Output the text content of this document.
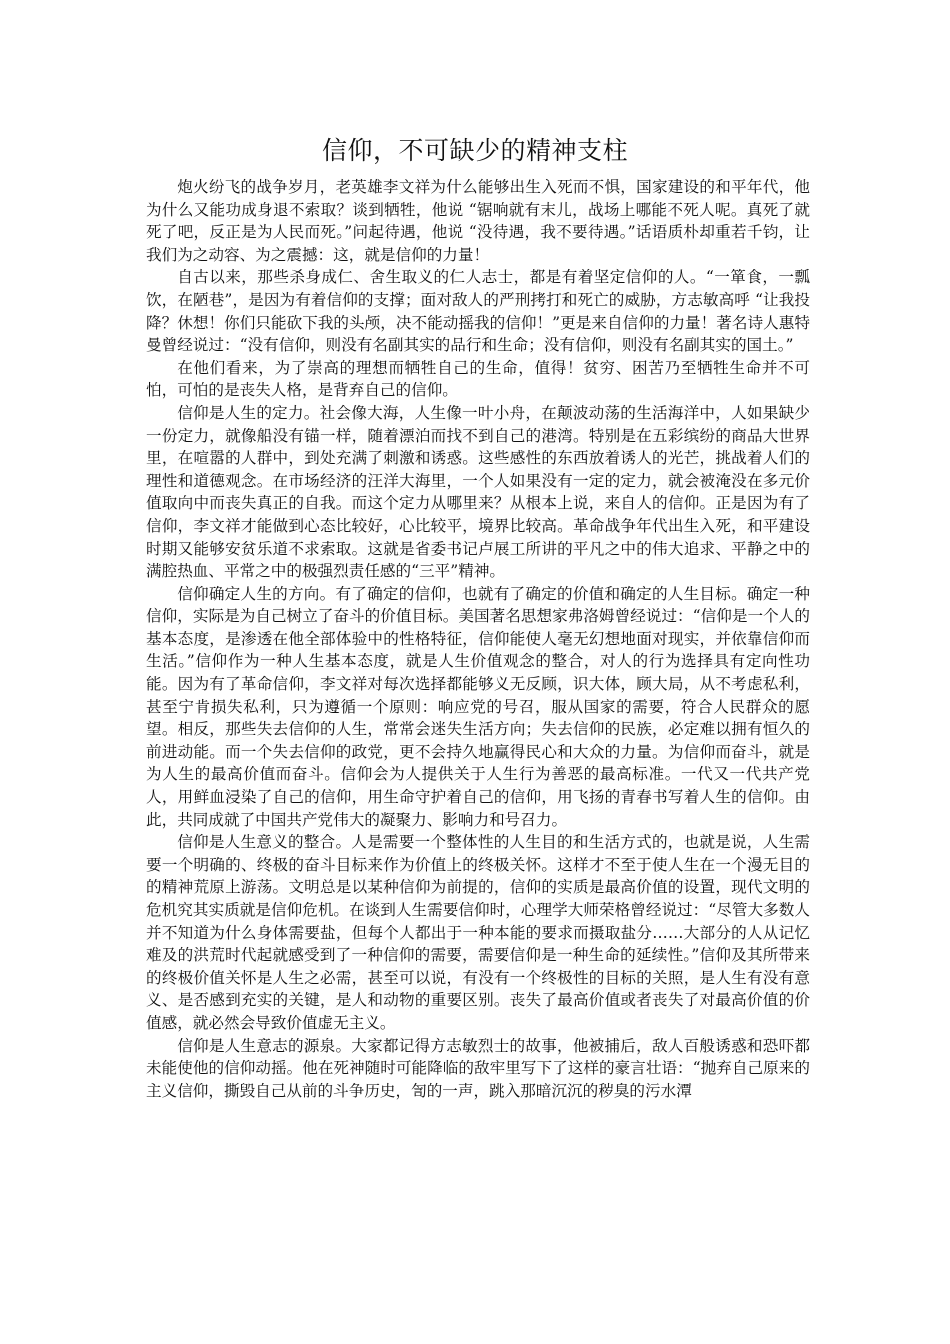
信仰，不可缺少的精神支柱

炮火纷飞的战争岁月，老英雄李文祥为什么能够出生入死而不惧，国家建设的和平年代，他为什么又能功成身退不索取？谈到牺牲，他说 “锯响就有末儿，战场上哪能不死人呢。真死了就死了吧，反正是为人民而死。”问起待遇，他说 “没待遇，我不要待遇。”话语质朴却重若千钧，让我们为之动容、为之震撼：这，就是信仰的力量！

自古以来，那些杀身成仁、舍生取义的仁人志士，都是有着坚定信仰的人。“一箪食，一瓢饮，在陋巷”，是因为有着信仰的支撑；面对敌人的严刑拷打和死亡的威胁，方志敏高呼 “让我投降？休想！你们只能砍下我的头颅，决不能动摇我的信仰！”更是来自信仰的力量！著名诗人惠特曼曾经说过：“没有信仰，则没有名副其实的品行和生命；没有信仰，则没有名副其实的国土。”

在他们看来，为了崇高的理想而牺牲自己的生命，值得！贫穷、困苦乃至牺牲生命并不可怕，可怕的是丧失人格，是背弃自己的信仰。

信仰是人生的定力。社会像大海，人生像一叶小舟，在颠波动荡的生活海洋中，人如果缺少一份定力，就像船没有锚一样，随着漂泊而找不到自己的港湾。特别是在五彩缤纷的商品大世界里，在喧嚣的人群中，到处充满了刺激和诱惑。这些感性的东西放着诱人的光芒，挑战着人们的理性和道德观念。在市场经济的汪洋大海里，一个人如果没有一定的定力，就会被淹没在多元价值取向中而丧失真正的自我。而这个定力从哪里来？从根本上说，来自人的信仰。正是因为有了信仰，李文祥才能做到心态比较好，心比较平，境界比较高。革命战争年代出生入死，和平建设时期又能够安贫乐道不求索取。这就是省委书记卢展工所讲的平凡之中的伟大追求、平静之中的满腔热血、平常之中的极强烈责任感的“三平”精神。

信仰确定人生的方向。有了确定的信仰，也就有了确定的价值和确定的人生目标。确定一种信仰，实际是为自己树立了奋斗的价值目标。美国著名思想家弗洛姆曾经说过：“信仰是一个人的基本态度，是渗透在他全部体验中的性格特征，信仰能使人毫无幻想地面对现实，并依靠信仰而生活。”信仰作为一种人生基本态度，就是人生价值观念的整合，对人的行为选择具有定向性功能。因为有了革命信仰，李文祥对每次选择都能够义无反顾，识大体，顾大局，从不考虑私利，甚至宁肯损失私利，只为遵循一个原则：响应党的号召，服从国家的需要，符合人民群众的愿望。相反，那些失去信仰的人生，常常会迷失生活方向；失去信仰的民族，必定难以拥有恒久的前进动能。而一个失去信仰的政党，更不会持久地赢得民心和大众的力量。为信仰而奋斗，就是为人生的最高价值而奋斗。信仰会为人提供关于人生行为善恶的最高标准。一代又一代共产党人，用鲜血浸染了自己的信仰，用生命守护着自己的信仰，用飞扬的青春书写着人生的信仰。由此，共同成就了中国共产党伟大的凝聚力、影响力和号召力。

信仰是人生意义的整合。人是需要一个整体性的人生目的和生活方式的，也就是说，人生需要一个明确的、终极的奋斗目标来作为价值上的终极关怀。这样才不至于使人生在一个漫无目的的精神荒原上游荡。文明总是以某种信仰为前提的，信仰的实质是最高价值的设置，现代文明的危机究其实质就是信仰危机。在谈到人生需要信仰时，心理学大师荣格曾经说过：“尽管大多数人并不知道为什么身体需要盐，但每个人都出于一种本能的要求而摄取盐分……大部分的人从记忆难及的洪荒时代起就感受到了一种信仰的需要，需要信仰是一种生命的延续性。”信仰及其所带来的终极价值关怀是人生之必需，甚至可以说，有没有一个终极性的目标的关照，是人生有没有意义、是否感到充实的关键，是人和动物的重要区别。丧失了最高价值或者丧失了对最高价值的价值感，就必然会导致价值虚无主义。

信仰是人生意志的源泉。大家都记得方志敏烈士的故事，他被捕后，敌人百般诱惑和恐吓都未能使他的信仰动摇。他在死神随时可能降临的敌牢里写下了这样的豪言壮语：“抛弃自己原来的主义信仰，撕毁自己从前的斗争历史，訇的一声，跳入那暗沉沉的秽臭的污水潭
